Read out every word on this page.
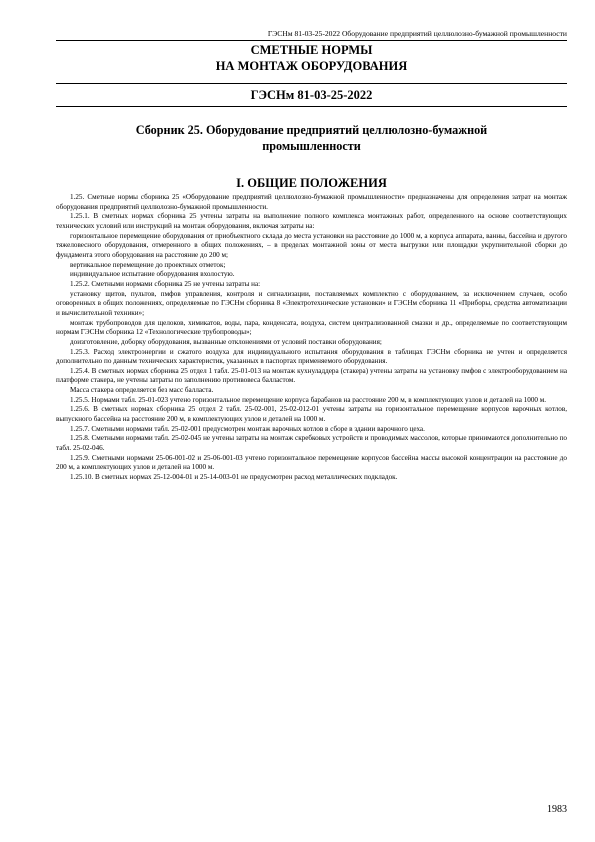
ГЭСНм 81-03-25-2022 Оборудование предприятий целлюлозно-бумажной промышленности
СМЕТНЫЕ НОРМЫ
НА МОНТАЖ ОБОРУДОВАНИЯ
ГЭСНм 81-03-25-2022
Сборник 25. Оборудование предприятий целлюлозно-бумажной
промышленности
I. ОБЩИЕ ПОЛОЖЕНИЯ

1.25. Сметные нормы сборника 25 «Оборудование предприятий целлюлозно-бумажной промышленности» предназначены для определения затрат на монтаж оборудования предприятий целлюлозно-бумажной промышленности.

1.25.1. В сметных нормах сборника 25 учтены затраты на выполнение полного комплекса монтажных работ, определенного на основе соответствующих технических условий или инструкций на монтаж оборудования, включая затраты на:

горизонтальное перемещение оборудования от приобъектного склада до места установки на расстояние до 1000 м, а корпуса аппарата, ванны, бассейна и другого тяжеловесного оборудования, отмеренного в общих положениях, – в пределах монтажной зоны от места выгрузки или площадки укрупнительной сборки до фундамента этого оборудования на расстояние до 200 м;

вертикальное перемещение до проектных отметок;

индивидуальное испытание оборудования вхолостую.

1.25.2. Сметными нормами сборника 25 не учтены затраты на:

установку щитов, пультов, пмфов управления, контроля и сигнализации, поставляемых комплектно с оборудованием, за исключением случаев, особо оговоренных в общих положениях, определяемые по ГЭСНм сборника 8 «Электротехнические установки» и ГЭСНм сборника 11 «Приборы, средства автоматизации и вычислительной техники»;

монтаж трубопроводов для щелоков, химикатов, воды, пара, конденсата, воздуха, систем централизованной смазки и др., определяемые по соответствующим нормам ГЭСНм сборника 12 «Технологические трубопроводы»;

доизготовление, доборку оборудования, вызванные отклонениями от условий поставки оборудования;

1.25.3. Расход электроэнергии и сжатого воздуха для индивидуального испытания оборудования в таблицах ГЭСНм сборника не учтен и определяется дополнительно по данным технических характеристик, указанных в паспортах применяемого оборудования.

1.25.4. В сметных нормах сборника 25 отдел 1 табл. 25-01-013 на монтаж кухнуладдера (стакера) учтены затраты на установку пмфов с электрооборудованием на платформе стакера, не учтены затраты по заполнению противовеса балластом.

Масса стакера определяется без масс балласта.

1.25.5. Нормами табл. 25-01-023 учтено горизонтальное перемещение корпуса барабанов на расстояние 200 м, в комплектующих узлов и деталей на 1000 м.

1.25.6. В сметных нормах сборника 25 отдел 2 табл. 25-02-001, 25-02-012-01 учтены затраты на горизонтальное перемещение корпусов варочных котлов, выпускного бассейна на расстояние 200 м, в комплектующих узлов и деталей на 1000 м.

1.25.7. Сметными нормами табл. 25-02-001 предусмотрен монтаж варочных котлов в сборе в здании варочного цеха.

1.25.8. Сметными нормами табл. 25-02-045 не учтены затраты на монтаж скребковых устройств и проводимых массолов, которые принимаются дополнительно по табл. 25-02-046.

1.25.9. Сметными нормами 25-06-001-02 и 25-06-001-03 учтено горизонтальное перемещение корпусов бассейна массы высокой концентрации на расстояние до 200 м, а комплектующих узлов и деталей на 1000 м.

1.25.10. В сметных нормах 25-12-004-01 и 25-14-003-01 не предусмотрен расход металлических подкладок.

1983
